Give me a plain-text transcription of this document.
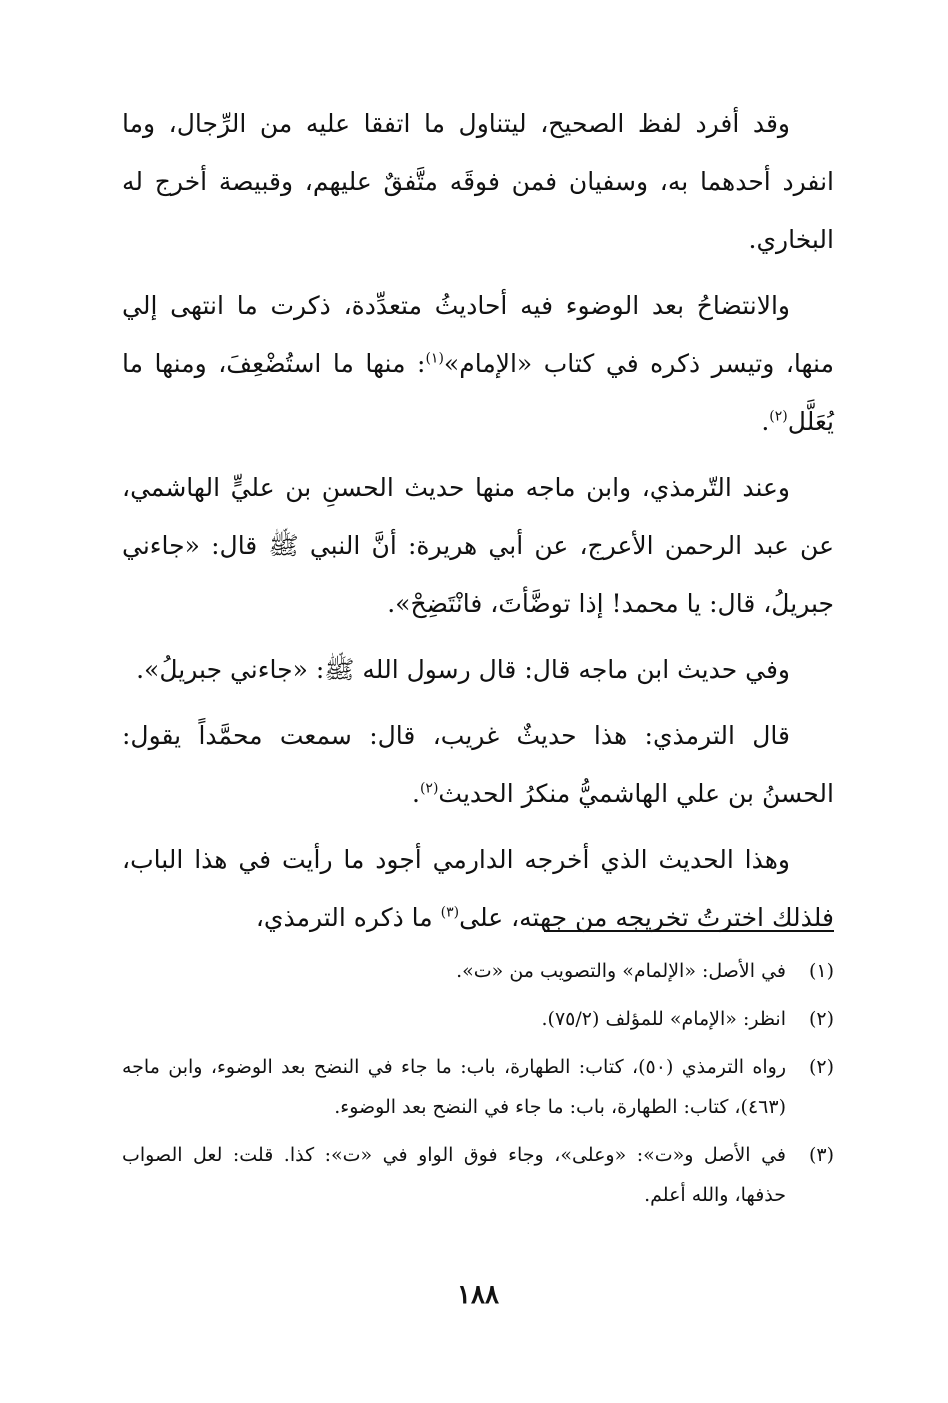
وقد أفرد لفظ الصحيح، ليتناول ما اتفقا عليه من الرِّجال، وما انفرد أحدهما به، وسفيان فمن فوقَه متَّفقٌ عليهم، وقبيصة أخرج له البخاري.

والانتضاحُ بعد الوضوء فيه أحاديثُ متعدِّدة، ذكرت ما انتهى إلي منها، وتيسر ذكره في كتاب «الإمام»$^{(١)}$: منها ما استُضْعِفَ، ومنها ما يُعَلَّل$^{(٢)}$.

وعند التّرمذي، وابن ماجه منها حديث الحسنِ بن عليٍّ الهاشمي، عن عبد الرحمن الأعرج، عن أبي هريرة: أنَّ النبي ﷺ قال: «جاءني جبريلُ، قال: يا محمد! إذا توضَّأتَ، فانْتَضِحْ».

وفي حديث ابن ماجه قال: قال رسول الله ﷺ: «جاءني جبريلُ».

قال الترمذي: هذا حديثٌ غريب، قال: سمعت محمَّداً يقول: الحسنُ بن علي الهاشميُّ منكرُ الحديث$^{(٢)}$.

وهذا الحديث الذي أخرجه الدارمي أجود ما رأيت في هذا الباب، فلذلك اخترتُ تخريجه من جهته، على$^{(٣)}$ ما ذكره الترمذي،

(١)
في الأصل: «الإلمام» والتصويب من «ت».
(٢)
انظر: «الإمام» للمؤلف (٧٥/٢).
(٢)
رواه الترمذي (٥٠)، كتاب: الطهارة، باب: ما جاء في النضح بعد الوضوء، وابن ماجه (٤٦٣)، كتاب: الطهارة، باب: ما جاء في النضح بعد الوضوء.
(٣)
في الأصل و«ت»: «وعلى»، وجاء فوق الواو في «ت»: كذا. قلت: لعل الصواب حذفها، والله أعلم.
١٨٨
